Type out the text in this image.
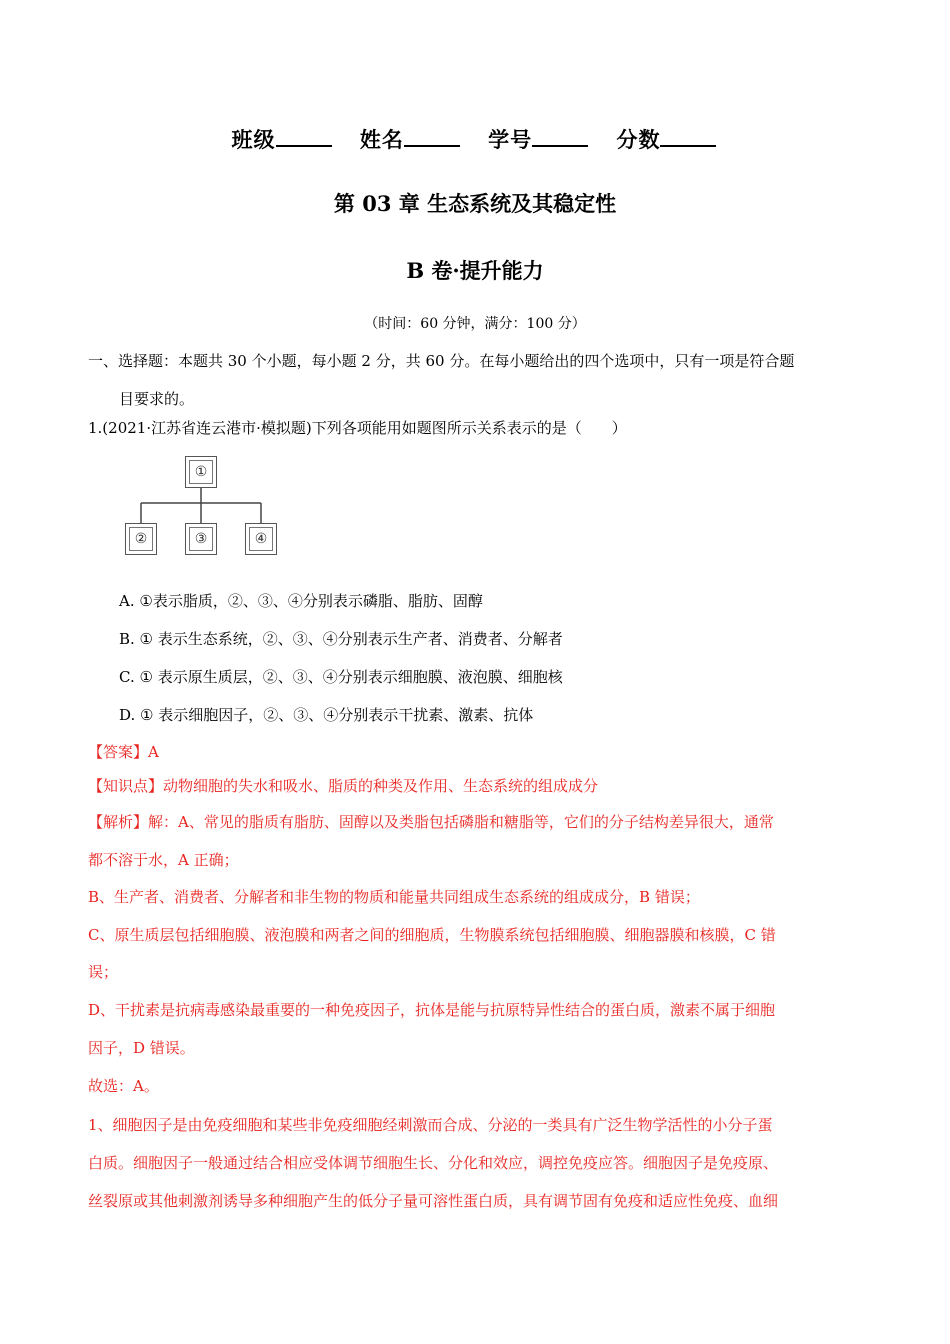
班级	姓名	学号	分数
第 03 章 生态系统及其稳定性
B 卷·提升能力
（时间：60 分钟，满分：100 分）
一、选择题：本题共 30 个小题，每小题 2 分，共 60 分。在每小题给出的四个选项中，只有一项是符合题
目要求的。
1.(2021·江苏省连云港市·模拟题)下列各项能用如题图所示关系表示的是（　　）
①
②	③	④
A. ①表示脂质，②、③、④分别表示磷脂、脂肪、固醇
B. ① 表示生态系统，②、③、④分别表示生产者、消费者、分解者
C. ① 表示原生质层，②、③、④分别表示细胞膜、液泡膜、细胞核
D. ① 表示细胞因子，②、③、④分别表示干扰素、激素、抗体
【答案】A
【知识点】动物细胞的失水和吸水、脂质的种类及作用、生态系统的组成成分
【解析】解：A、常见的脂质有脂肪、固醇以及类脂包括磷脂和糖脂等，它们的分子结构差异很大，通常
都不溶于水，A 正确；
B、生产者、消费者、分解者和非生物的物质和能量共同组成生态系统的组成成分，B 错误；
C、原生质层包括细胞膜、液泡膜和两者之间的细胞质，生物膜系统包括细胞膜、细胞器膜和核膜，C 错
误；
D、干扰素是抗病毒感染最重要的一种免疫因子，抗体是能与抗原特异性结合的蛋白质，激素不属于细胞
因子，D 错误。
故选：A。
1、细胞因子是由免疫细胞和某些非免疫细胞经刺激而合成、分泌的一类具有广泛生物学活性的小分子蛋
白质。细胞因子一般通过结合相应受体调节细胞生长、分化和效应，调控免疫应答。细胞因子是免疫原、
丝裂原或其他刺激剂诱导多种细胞产生的低分子量可溶性蛋白质，具有调节固有免疫和适应性免疫、血细
